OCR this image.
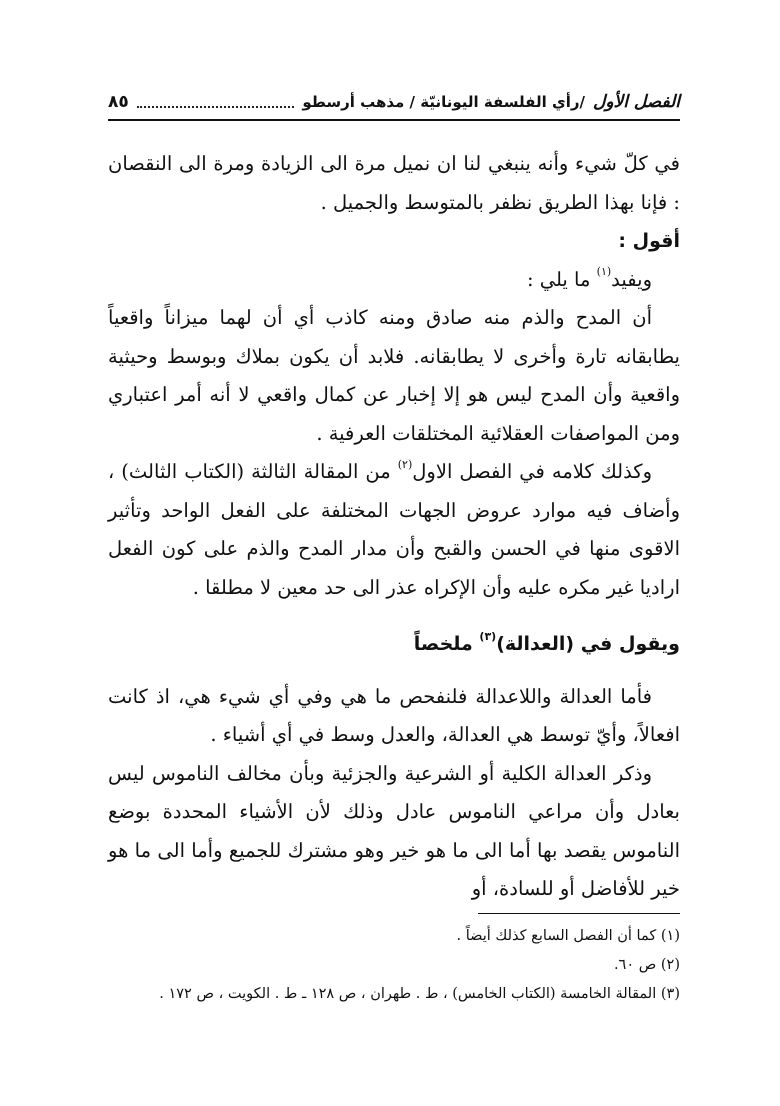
الفصل الأول
/رأي الفلسفة اليونانيّة / مذهب أرسطو
٨٥

في كلّ شيء وأنه ينبغي لنا ان نميل مرة الى الزيادة ومرة الى النقصان : فإنا بهذا الطريق نظفر بالمتوسط والجميل .

أقول :

ويفيد$^{(١)}$ ما يلي :

أن المدح والذم منه صادق ومنه كاذب أي أن لهما ميزاناً واقعياً يطابقانه تارة وأخرى لا يطابقانه. فلابد أن يكون بملاك وبوسط وحيثية واقعية وأن المدح ليس هو إلا إخبار عن كمال واقعي لا أنه أمر اعتباري ومن المواصفات العقلائية المختلقات العرفية .

وكذلك كلامه في الفصل الاول$^{(٢)}$ من المقالة الثالثة (الكتاب الثالث) ، وأضاف فيه موارد عروض الجهات المختلفة على الفعل الواحد وتأثير الاقوى منها في الحسن والقبح وأن مدار المدح والذم على كون الفعل اراديا غير مكره عليه وأن الإكراه عذر الى حد معين لا مطلقا .

ويقول في (العدالة)$^{(٣)}$ ملخصاً

فأما العدالة واللاعدالة فلنفحص ما هي وفي أي شيء هي، اذ كانت افعالاً، وأيّ توسط هي العدالة، والعدل وسط في أي أشياء .

وذكر العدالة الكلية أو الشرعية والجزئية وبأن مخالف الناموس ليس بعادل وأن مراعي الناموس عادل وذلك لأن الأشياء المحددة بوضع الناموس يقصد بها أما الى ما هو خير وهو مشترك للجميع وأما الى ما هو خير للأفاضل أو للسادة، أو

(١) كما أن الفصل السابع كذلك أيضاً .

(٢) ص ٦٠.

(٣) المقالة الخامسة (الكتاب الخامس) ، ط . طهران ، ص ١٢٨ ـ ط . الكويت ، ص ١٧٢ .
